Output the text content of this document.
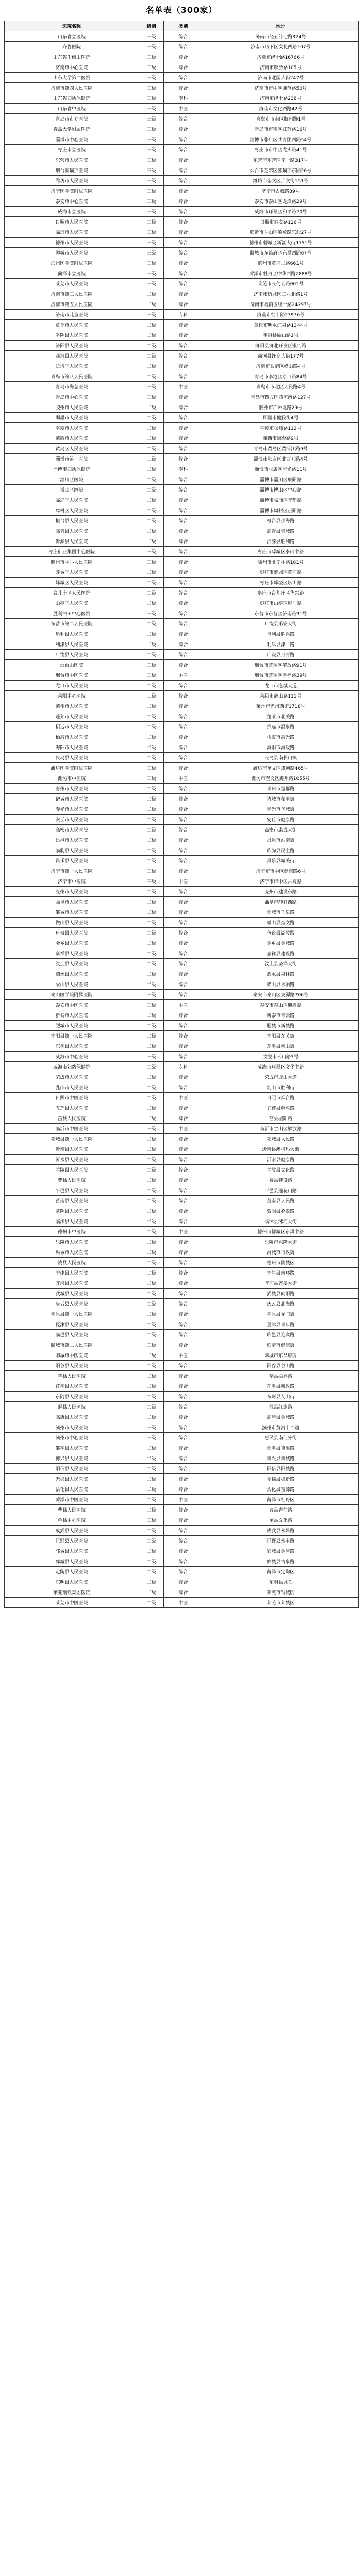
名单表（300家）
医院名称	级别	类别	地址
山东省立医院	三级	综合	济南市经五纬七路324号
齐鲁医院	三级	综合	济南市历下区文化西路107号
山东省千佛山医院	三级	综合	济南市经十路16766号
济南市中心医院	三级	综合	济南市解放路105号
山东大学第二医院	三级	综合	济南市北园大街247号
济南市第四人民医院	三级	综合	济南市市中区师范路50号
山东省妇幼保健院	三级	专科	济南市经十路238号
山东省中医院	三级	中医	济南市文化西路42号
青岛市市立医院	三级	综合	青岛市市南区胶州路1号
青岛大学附属医院	三级	综合	青岛市市南区江苏路16号
淄博市中心医院	三级	综合	淄博市张店区共青团西路54号
枣庄市立医院	三级	综合	枣庄市市中区龙头路41号
东营市人民医院	三级	综合	东营市东营区南一路317号
烟台毓璜顶医院	三级	综合	烟台市芝罘区毓璜顶东路20号
潍坊市人民医院	三级	综合	潍坊市奎文区广文街151号
济宁医学院附属医院	三级	综合	济宁市古槐路89号
泰安市中心医院	三级	综合	泰安市泰山区龙潭路29号
威海市立医院	三级	综合	威海市环翠区和平路70号
日照市人民医院	三级	综合	日照市泰安路126号
临沂市人民医院	三级	综合	临沂市兰山区解放路东段27号
德州市人民医院	三级	综合	德州市德城区新湖大街1751号
聊城市人民医院	三级	综合	聊城市东昌府区东昌西路67号
滨州医学院附属医院	三级	综合	滨州市黄河二路661号
菏泽市立医院	三级	综合	菏泽市牡丹区中华西路2888号
莱芜市人民医院	三级	综合	莱芜市长勺北路001号
济南市第三人民医院	二级	综合	济南市历城区工业北路1号
济南市第五人民医院	二级	综合	济南市槐荫区经十路24297号
济南市儿童医院	三级	专科	济南市经十路23976号
章丘市人民医院	二级	综合	章丘市明水汇泉路1344号
平阴县人民医院	二级	综合	平阴县榆山路1号
济阳县人民医院	二级	综合	济阳县济北开发区银河路
商河县人民医院	二级	综合	商河县许商大街177号
长清区人民医院	二级	综合	济南市长清区峰山路4号
青岛市第八人民医院	二级	综合	青岛市李沧区京口路84号
青岛市海慈医院	三级	中医	青岛市市北区人民路4号
青岛市中心医院	三级	综合	青岛市四方区四流南路127号
胶州市人民医院	二级	综合	胶州市广州北路29号
即墨市人民医院	二级	综合	即墨市健民街4号
平度市人民医院	二级	综合	平度市扬州路112号
莱西市人民医院	二级	综合	莱西市烟台路9号
黄岛区人民医院	二级	综合	青岛市黄岛区黄浦江路9号
淄博市第一医院	三级	综合	淄博市张店区北西五路4号
淄博市妇幼保健院	二级	专科	淄博市张店区华光路11号
淄川区医院	二级	综合	淄博市淄川区般阳路
博山区医院	二级	综合	淄博市博山区中心路
临淄区人民医院	二级	综合	淄博市临淄区齐都路
周村区人民医院	二级	综合	淄博市周村区正阳路
桓台县人民医院	二级	综合	桓台县少海路
高青县人民医院	二级	综合	高青县青城路
沂源县人民医院	二级	综合	沂源县胜利路
枣庄矿业集团中心医院	三级	综合	枣庄市薛城区泰山中路
滕州市中心人民医院	三级	综合	滕州市北辛中路181号
薛城区人民医院	二级	综合	枣庄市薛城区黄河路
峄城区人民医院	二级	综合	枣庄市峄城区坛山路
台儿庄区人民医院	二级	综合	枣庄市台儿庄区华兴路
山亭区人民医院	二级	综合	枣庄市山亭区府前路
胜利油田中心医院	三级	综合	东营市东营区济南路31号
东营市第二人民医院	二级	综合	广饶县乐安大街
垦利县人民医院	二级	综合	垦利县胜兴路
利津县人民医院	二级	综合	利津县津二路
广饶县人民医院	二级	综合	广饶县月河路
烟台山医院	三级	综合	烟台市芝罘区解放路91号
烟台市中医医院	三级	中医	烟台市芝罘区幸福路39号
龙口市人民医院	二级	综合	龙口市港城大道
莱阳中心医院	三级	综合	莱阳市鹤山路111号
莱州市人民医院	二级	综合	莱州市光州西街1718号
蓬莱市人民医院	二级	综合	蓬莱市北关路
招远市人民医院	二级	综合	招远市温泉路
栖霞市人民医院	二级	综合	栖霞市霞光路
海阳市人民医院	二级	综合	海阳市海政路
长岛县人民医院	二级	综合	长岛县南长山镇
潍坊医学院附属医院	三级	综合	潍坊市奎文区虞河路465号
潍坊市中医院	三级	中医	潍坊市奎文区潍州路1055号
青州市人民医院	二级	综合	青州市益都路
诸城市人民医院	二级	综合	诸城市和平街
寿光市人民医院	二级	综合	寿光市圣城街
安丘市人民医院	二级	综合	安丘市健康路
高密市人民医院	二级	综合	高密市康成大街
昌邑市人民医院	二级	综合	昌邑市站南街
临朐县人民医院	二级	综合	临朐县民主路
昌乐县人民医院	二级	综合	昌乐县城关街
济宁市第一人民医院	三级	综合	济宁市市中区健康路6号
济宁市中医院	三级	中医	济宁市市中区古槐路
兖州市人民医院	二级	综合	兖州市建设东路
曲阜市人民医院	二级	综合	曲阜市静轩西路
邹城市人民医院	二级	综合	邹城市千泉路
微山县人民医院	二级	综合	微山县奎文路
鱼台县人民医院	二级	综合	鱼台县湖陵路
金乡县人民医院	二级	综合	金乡县金城路
嘉祥县人民医院	二级	综合	嘉祥县建设路
汶上县人民医院	二级	综合	汶上县圣泽大街
泗水县人民医院	二级	综合	泗水县泉林路
梁山县人民医院	二级	综合	梁山县水泊路
泰山医学院附属医院	三级	综合	泰安市泰山区龙潭路706号
泰安市中医医院	三级	中医	泰安市泰山区迎胜路
新泰市人民医院	二级	综合	新泰市青云路
肥城市人民医院	二级	综合	肥城市新城路
宁阳县第一人民医院	二级	综合	宁阳县东关街
东平县人民医院	二级	综合	东平县佛山街
威海市中心医院	三级	综合	文登市米山路3号
威海市妇幼保健院	二级	专科	威海市环翠区文化中路
荣成市人民医院	二级	综合	荣成市成山大道
乳山市人民医院	二级	综合	乳山市胜利街
日照市中医医院	二级	中医	日照市烟台路
五莲县人民医院	二级	综合	五莲县解放路
莒县人民医院	二级	综合	莒县城阳路
临沂市中医医院	三级	中医	临沂市兰山区解放路
郯城县第一人民医院	二级	综合	郯城县人民路
沂南县人民医院	二级	综合	沂南县澳柯玛大街
沂水县人民医院	二级	综合	沂水县健康路
兰陵县人民医院	二级	综合	兰陵县文化路
费县人民医院	二级	综合	费县建设路
平邑县人民医院	二级	综合	平邑县莲花山路
莒南县人民医院	二级	综合	莒南县人民路
蒙阴县人民医院	二级	综合	蒙阴县叠翠路
临沭县人民医院	二级	综合	临沭县沭河大街
德州市中医院	二级	中医	德州市德城区东风中路
乐陵市人民医院	二级	综合	乐陵市兴隆大街
禹城市人民医院	二级	综合	禹城市行政街
陵县人民医院	二级	综合	德州市陵城区
宁津县人民医院	二级	综合	宁津县南环路
齐河县人民医院	二级	综合	齐河县齐晏大街
武城县人民医院	二级	综合	武城县向阳路
庆云县人民医院	二级	综合	庆云县北海路
平原县第一人民医院	二级	综合	平原县龙门街
夏津县人民医院	二级	综合	夏津县青年路
临邑县人民医院	二级	综合	临邑县迎宾路
聊城市第二人民医院	三级	综合	临清市健康街
聊城市中医医院	二级	中医	聊城市东昌府区
阳谷县人民医院	二级	综合	阳谷县谷山路
莘县人民医院	二级	综合	莘县振兴路
茌平县人民医院	二级	综合	茌平县新政路
东阿县人民医院	二级	综合	东阿县艾山街
冠县人民医院	二级	综合	冠县红旗路
高唐县人民医院	二级	综合	高唐县金城路
滨州市人民医院	三级	综合	滨州市黄河十二路
滨州市中心医院	三级	综合	惠民县南门外街
邹平县人民医院	二级	综合	邹平县黛溪路
博兴县人民医院	二级	综合	博兴县博城路
阳信县人民医院	二级	综合	阳信县阳城路
无棣县人民医院	二级	综合	无棣县棣新路
沾化县人民医院	二级	综合	沾化县富源路
菏泽市中医医院	二级	中医	菏泽市牡丹区
曹县人民医院	二级	综合	曹县青菏路
单县中心医院	三级	综合	单县文化路
成武县人民医院	二级	综合	成武县永昌路
巨野县人民医院	二级	综合	巨野县永丰路
郓城县人民医院	二级	综合	郓城县金河路
鄄城县人民医院	二级	综合	鄄城县古泉路
定陶县人民医院	二级	综合	菏泽市定陶区
东明县人民医院	二级	综合	东明县城关
莱芜钢铁集团医院	二级	综合	莱芜市钢城区
莱芜市中医医院	二级	中医	莱芜市莱城区
